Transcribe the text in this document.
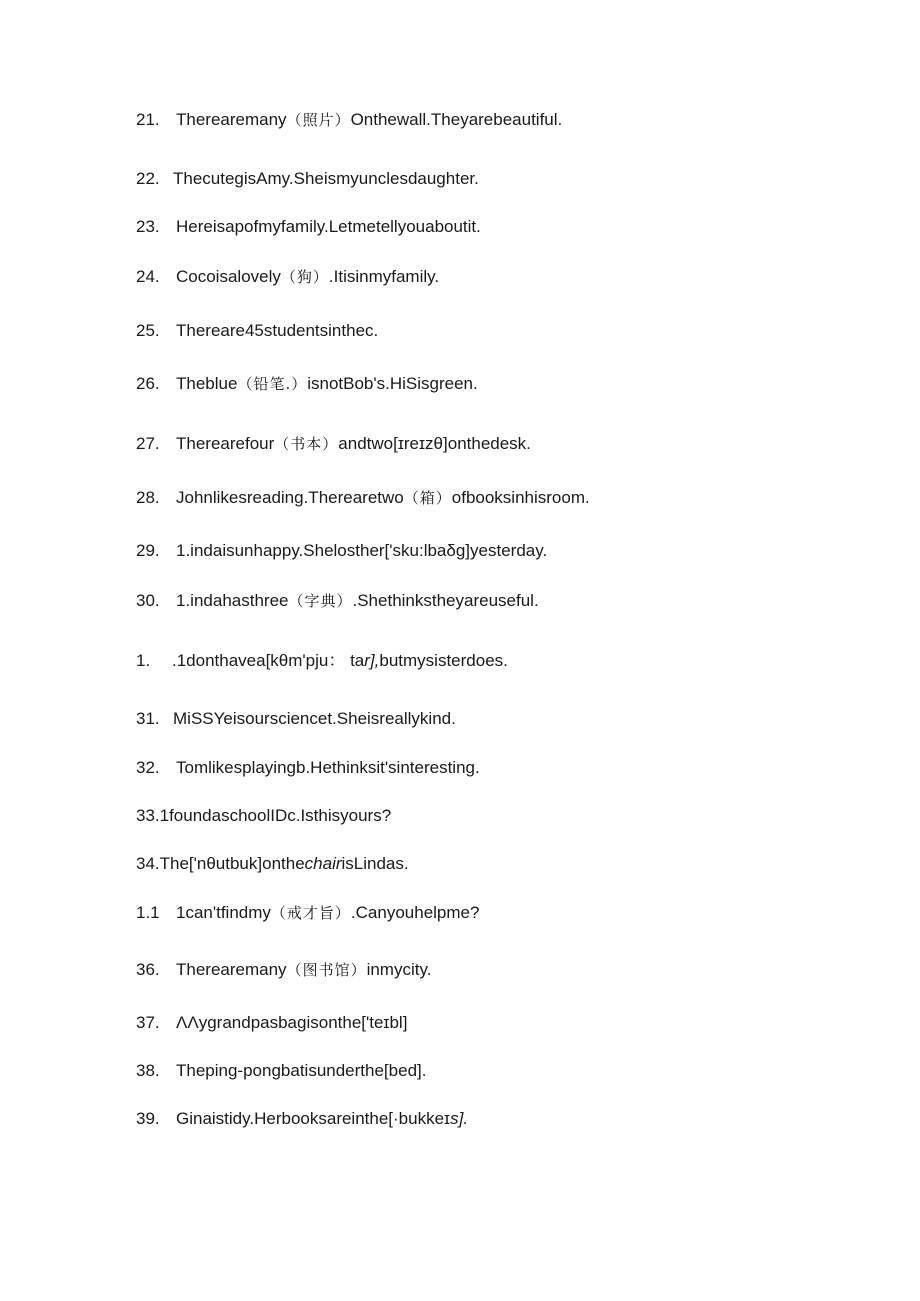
21. Therearemany（照片）Onthewall.Theyarebeautiful.
22. ThecutegisAmy.Sheismyunclesdaughter.
23. Hereisapofmyfamily.Letmetellyouaboutit.
24. Cocoisalovely（狗）.Itisinmyfamily.
25. Thereare45studentsinthec.
26. Theblue（铅笔.）isnotBob's.HiSisgreen.
27. Therearefour（书本）andtwo[ɪreɪzθ]onthedesk.
28. Johnlikesreading.Therearetwo（箱）ofbooksinhisroom.
29. 1.indaisunhappy.Shelosther['sku:lbaδg]yesterday.
30. 1.indahasthree（字典）.Shethinkstheyareuseful.
1. .1donthavea[kθm'pju： tar],butmysisterdoes.
31. MiSSYeisoursciencet.Sheisreallykind.
32. Tomlikesplayingb.Hethinksit'sinteresting.
33.1foundaschoolIDc.Isthisyours?
34.The['nθutbuk]onthechairisLindas.
1.1 1can'tfindmy（戒才旨）.Canyouhelpme?
36. Therearemany（图书馆）inmycity.
37. ΛΛygrandpasbagisonthe['teɪbl]
38. Theping-pongbatisunderthe[bed].
39. Ginaistidy.Herbooksareinthe[·bukkeɪs].
